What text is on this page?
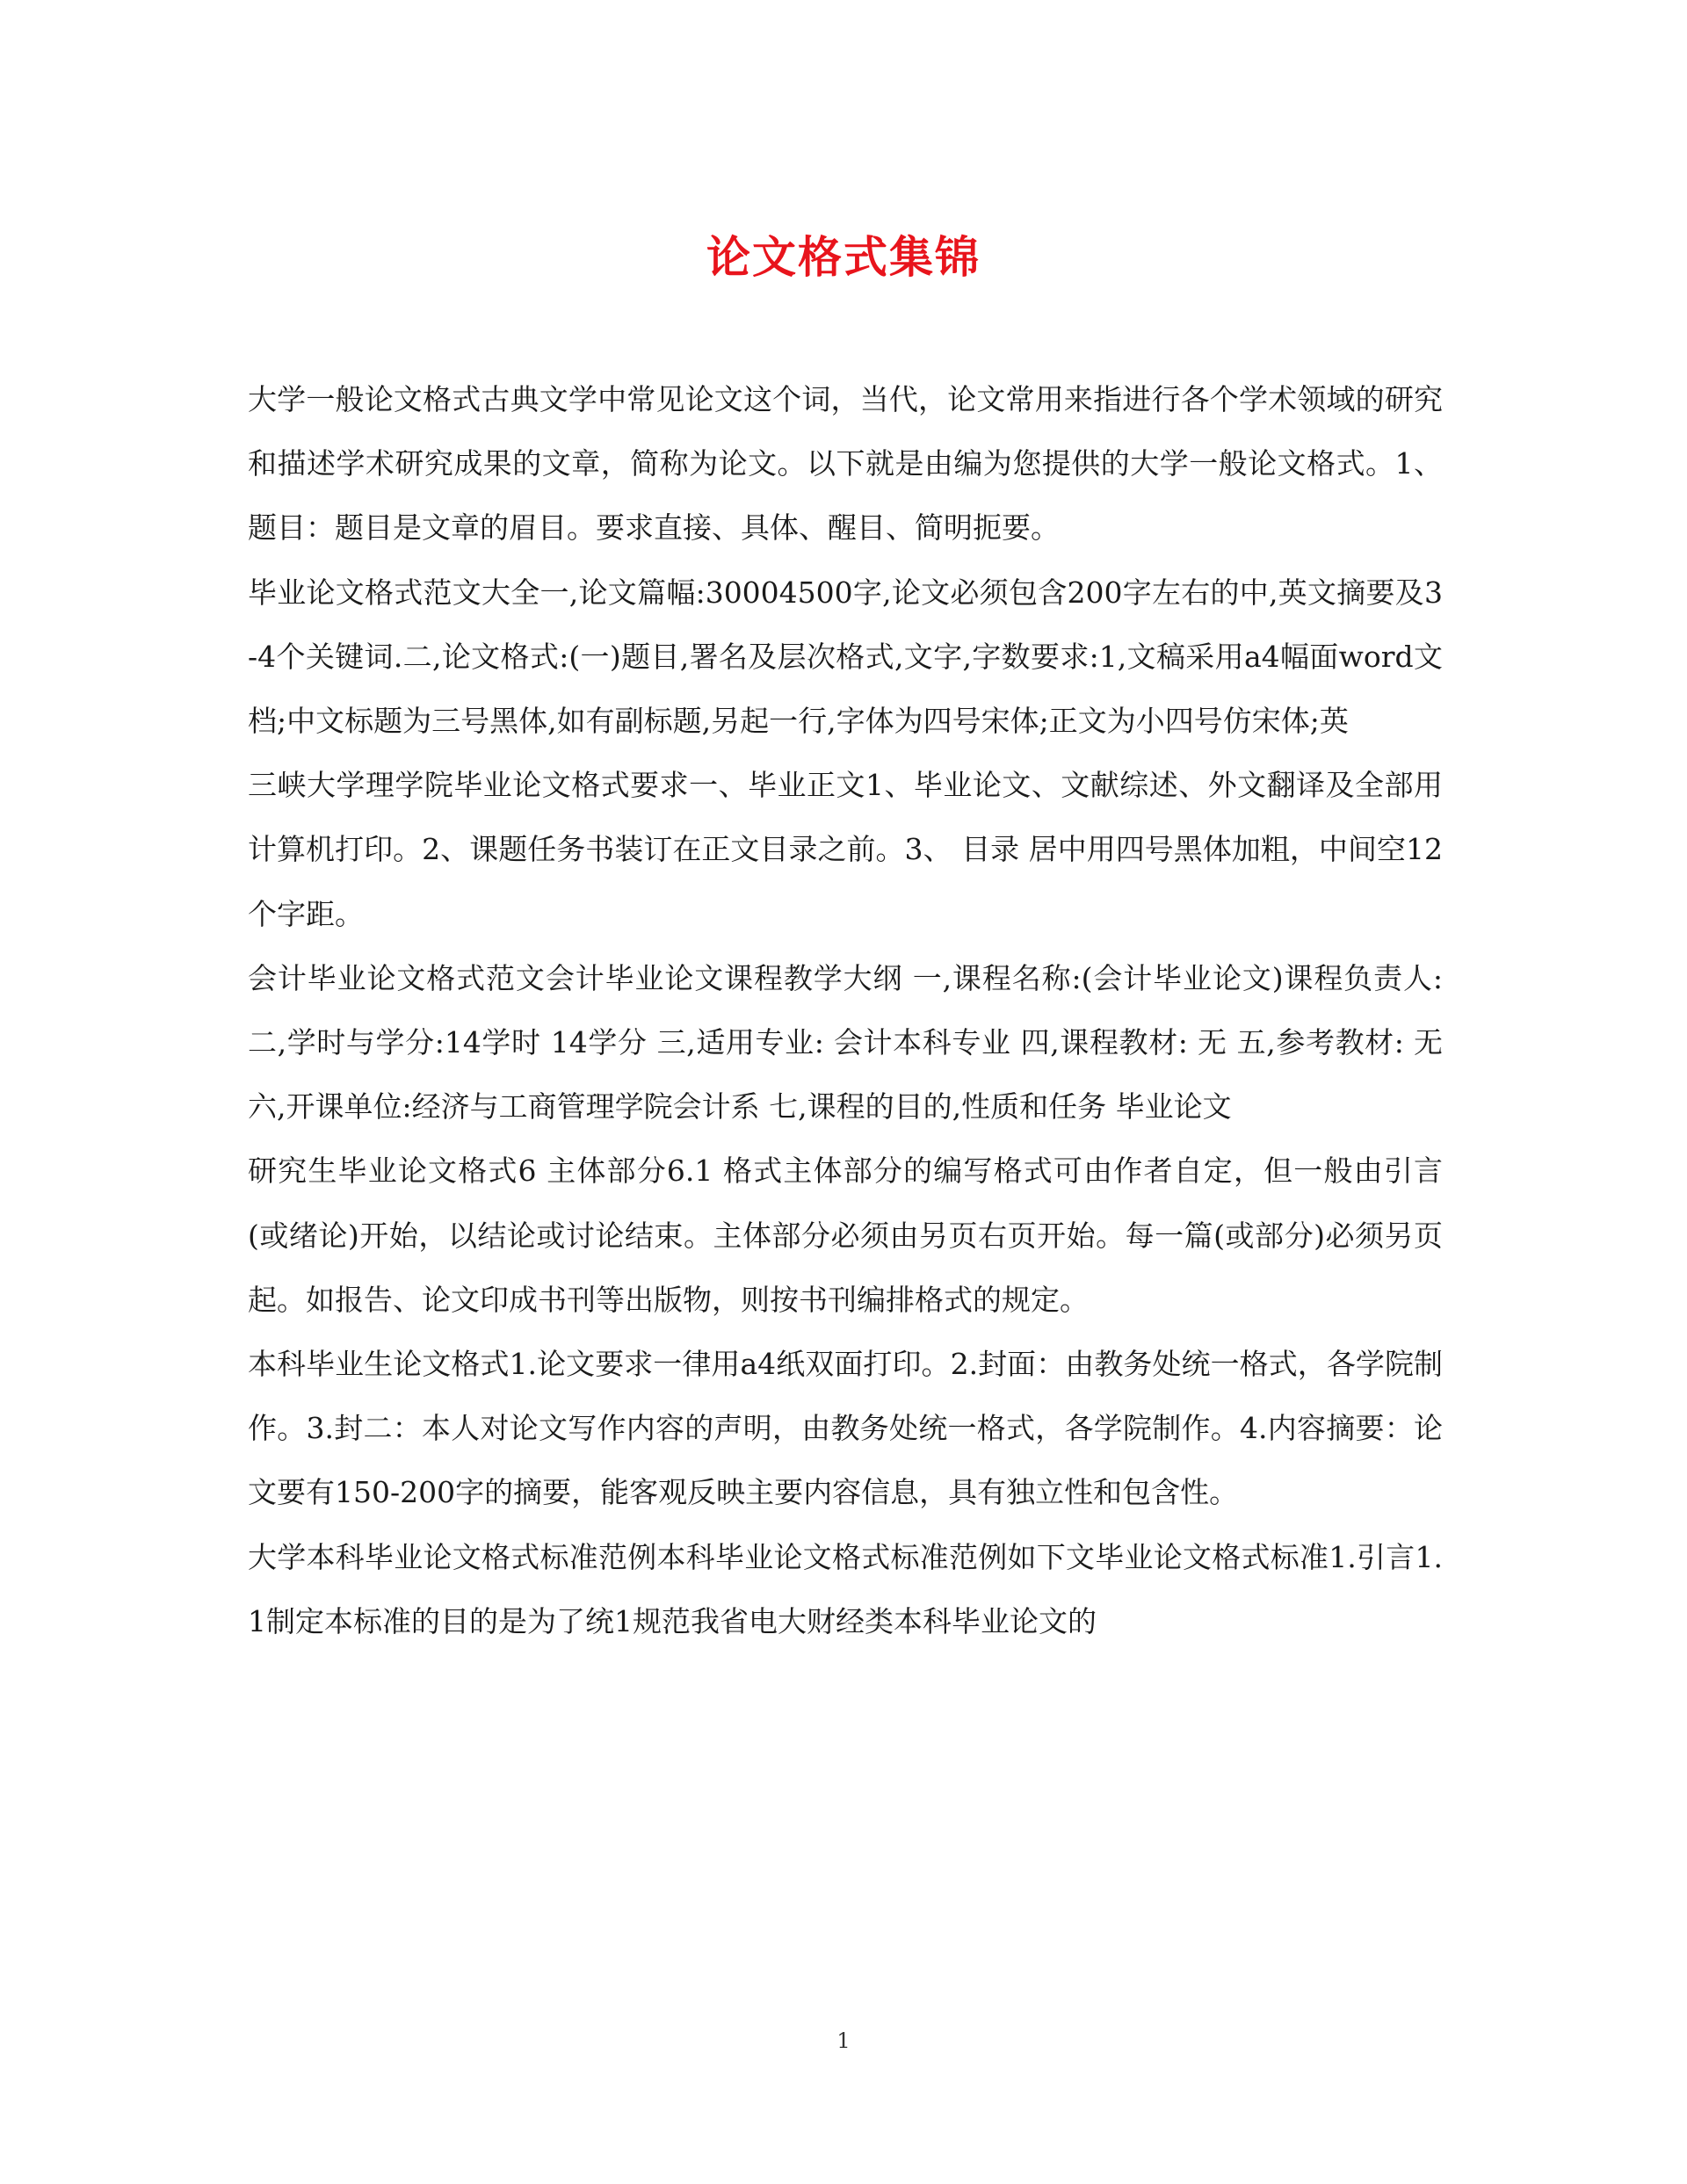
论文格式集锦

大学一般论文格式古典文学中常见论文这个词，当代，论文常用来指进行各个学术领域的研究和描述学术研究成果的文章，简称为论文。以下就是由编为您提供的大学一般论文格式。1、题目：题目是文章的眉目。要求直接、具体、醒目、简明扼要。

毕业论文格式范文大全一,论文篇幅:30004500字,论文必须包含200字左右的中,英文摘要及3-4个关键词.二,论文格式:(一)题目,署名及层次格式,文字,字数要求:1,文稿采用a4幅面word文档;中文标题为三号黑体,如有副标题,另起一行,字体为四号宋体;正文为小四号仿宋体;英

三峡大学理学院毕业论文格式要求一、毕业正文1、毕业论文、文献综述、外文翻译及全部用计算机打印。2、课题任务书装订在正文目录之前。3、 目录 居中用四号黑体加粗，中间空12个字距。

会计毕业论文格式范文会计毕业论文课程教学大纲 一,课程名称:(会计毕业论文)课程负责人: 二,学时与学分:14学时 14学分 三,适用专业: 会计本科专业 四,课程教材: 无 五,参考教材: 无 六,开课单位:经济与工商管理学院会计系 七,课程的目的,性质和任务 毕业论文

研究生毕业论文格式6 主体部分6.1 格式主体部分的编写格式可由作者自定，但一般由引言(或绪论)开始，以结论或讨论结束。主体部分必须由另页右页开始。每一篇(或部分)必须另页起。如报告、论文印成书刊等出版物，则按书刊编排格式的规定。

本科毕业生论文格式1.论文要求一律用a4纸双面打印。2.封面：由教务处统一格式，各学院制作。3.封二：本人对论文写作内容的声明，由教务处统一格式，各学院制作。4.内容摘要：论文要有150-200字的摘要，能客观反映主要内容信息，具有独立性和包含性。

大学本科毕业论文格式标准范例本科毕业论文格式标准范例如下文毕业论文格式标准1.引言1.1制定本标准的目的是为了统1规范我省电大财经类本科毕业论文的

1
